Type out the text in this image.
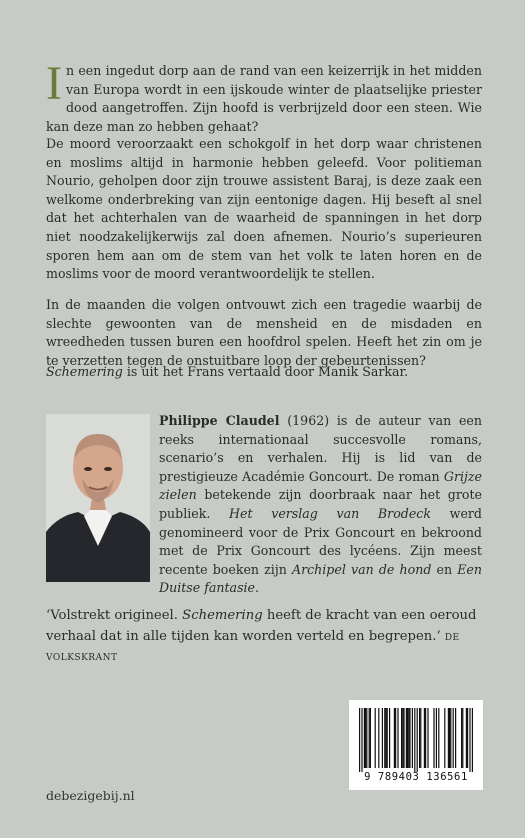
In een ingedut dorp aan de rand van een keizerrijk in het midden van Europa wordt in een ijskoude winter de plaatselijke priester dood aangetroffen. Zijn hoofd is verbrijzeld door een steen. Wie kan deze man zo hebben gehaat?

De moord veroorzaakt een schokgolf in het dorp waar christenen en moslims altijd in harmonie hebben geleefd. Voor politieman Nourio, geholpen door zijn trouwe assistent Baraj, is deze zaak een welkome onderbreking van zijn eentonige dagen. Hij beseft al snel dat het achterhalen van de waarheid de spanningen in het dorp niet noodzakelijkerwijs zal doen afnemen. Nourio’s superieuren sporen hem aan om de stem van het volk te laten horen en de moslims voor de moord verantwoordelijk te stellen.

In de maanden die volgen ontvouwt zich een tragedie waarbij de slechte gewoonten van de mensheid en de misdaden en wreedheden tussen buren een hoofdrol spelen. Heeft het zin om je te verzetten tegen de onstuitbare loop der gebeurtenissen?

Schemering is uit het Frans vertaald door Manik Sarkar.

Philippe Claudel (1962) is de auteur van een reeks internationaal succesvolle romans, scenario’s en verhalen. Hij is lid van de prestigieuze Académie Goncourt. De roman Grijze zielen betekende zijn doorbraak naar het grote publiek. Het verslag van Brodeck werd genomineerd voor de Prix Goncourt en bekroond met de Prix Goncourt des lycéens. Zijn meest recente boeken zijn Archipel van de hond en Een Duitse fantasie.

‘Volstrekt origineel. Schemering heeft de kracht van een oeroud verhaal dat in alle tijden kan worden verteld en begrepen.’ de volkskrant

9 789403 136561
debezigebij.nl
